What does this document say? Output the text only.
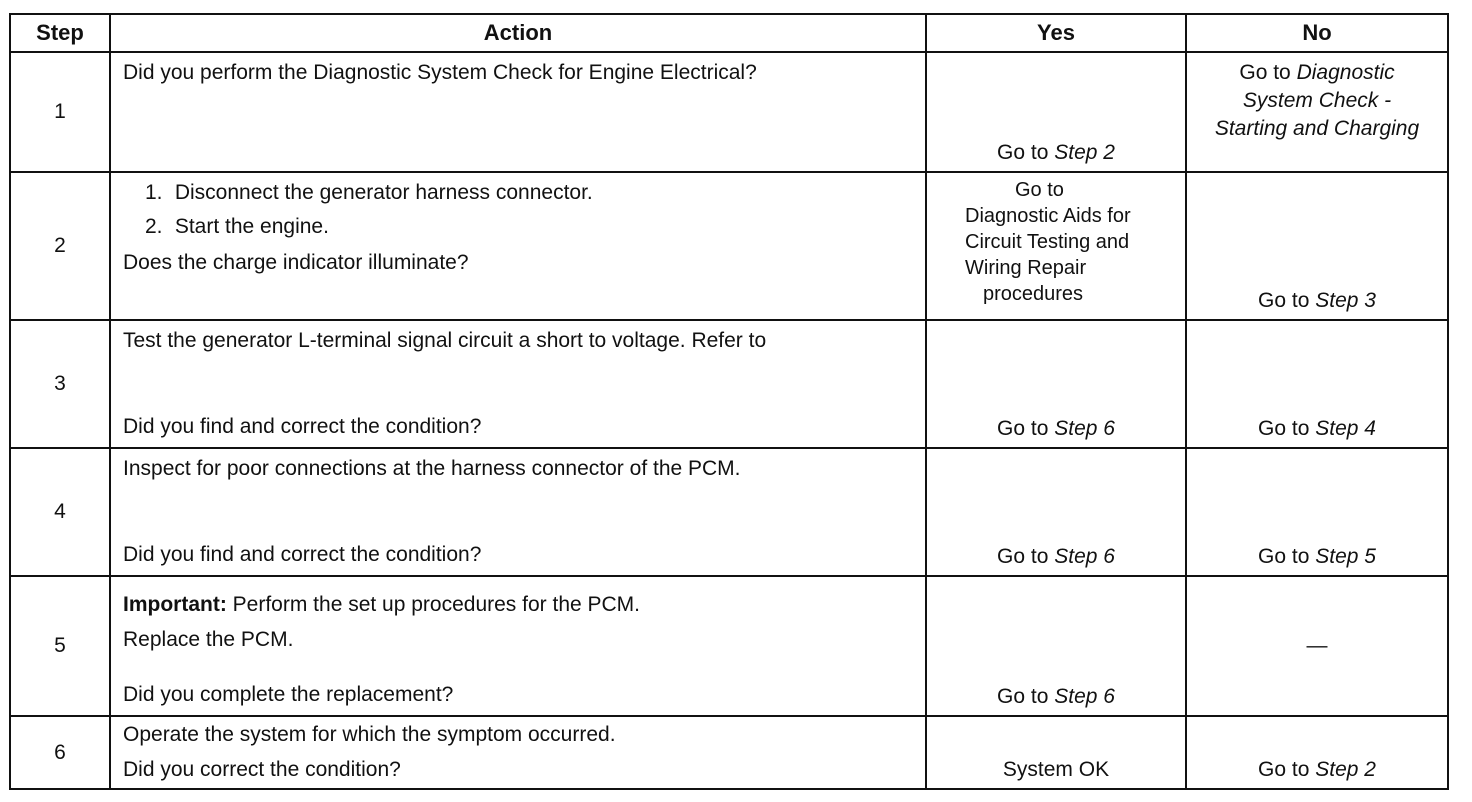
Step	Action	Yes	No
1	Did you perform the Diagnostic System Check for Engine Electrical?	Go to Step 2	Go to Diagnostic
System Check -
Starting and Charging

2	1. Disconnect the generator harness connector.
2. Start the engine.
Does the charge indicator illuminate?	Go to
Diagnostic Aids for
Circuit Testing and
Wiring Repair
procedures	Go to Step 3

3	Test the generator L-terminal signal circuit a short to voltage. Refer to
Did you find and correct the condition?	Go to Step 6	Go to Step 4

4	Inspect for poor connections at the harness connector of the PCM.
Did you find and correct the condition?	Go to Step 6	Go to Step 5

5	Important: Perform the set up procedures for the PCM.
Replace the PCM.
Did you complete the replacement?	Go to Step 6	—

6	Operate the system for which the symptom occurred.
Did you correct the condition?	System OK	Go to Step 2
